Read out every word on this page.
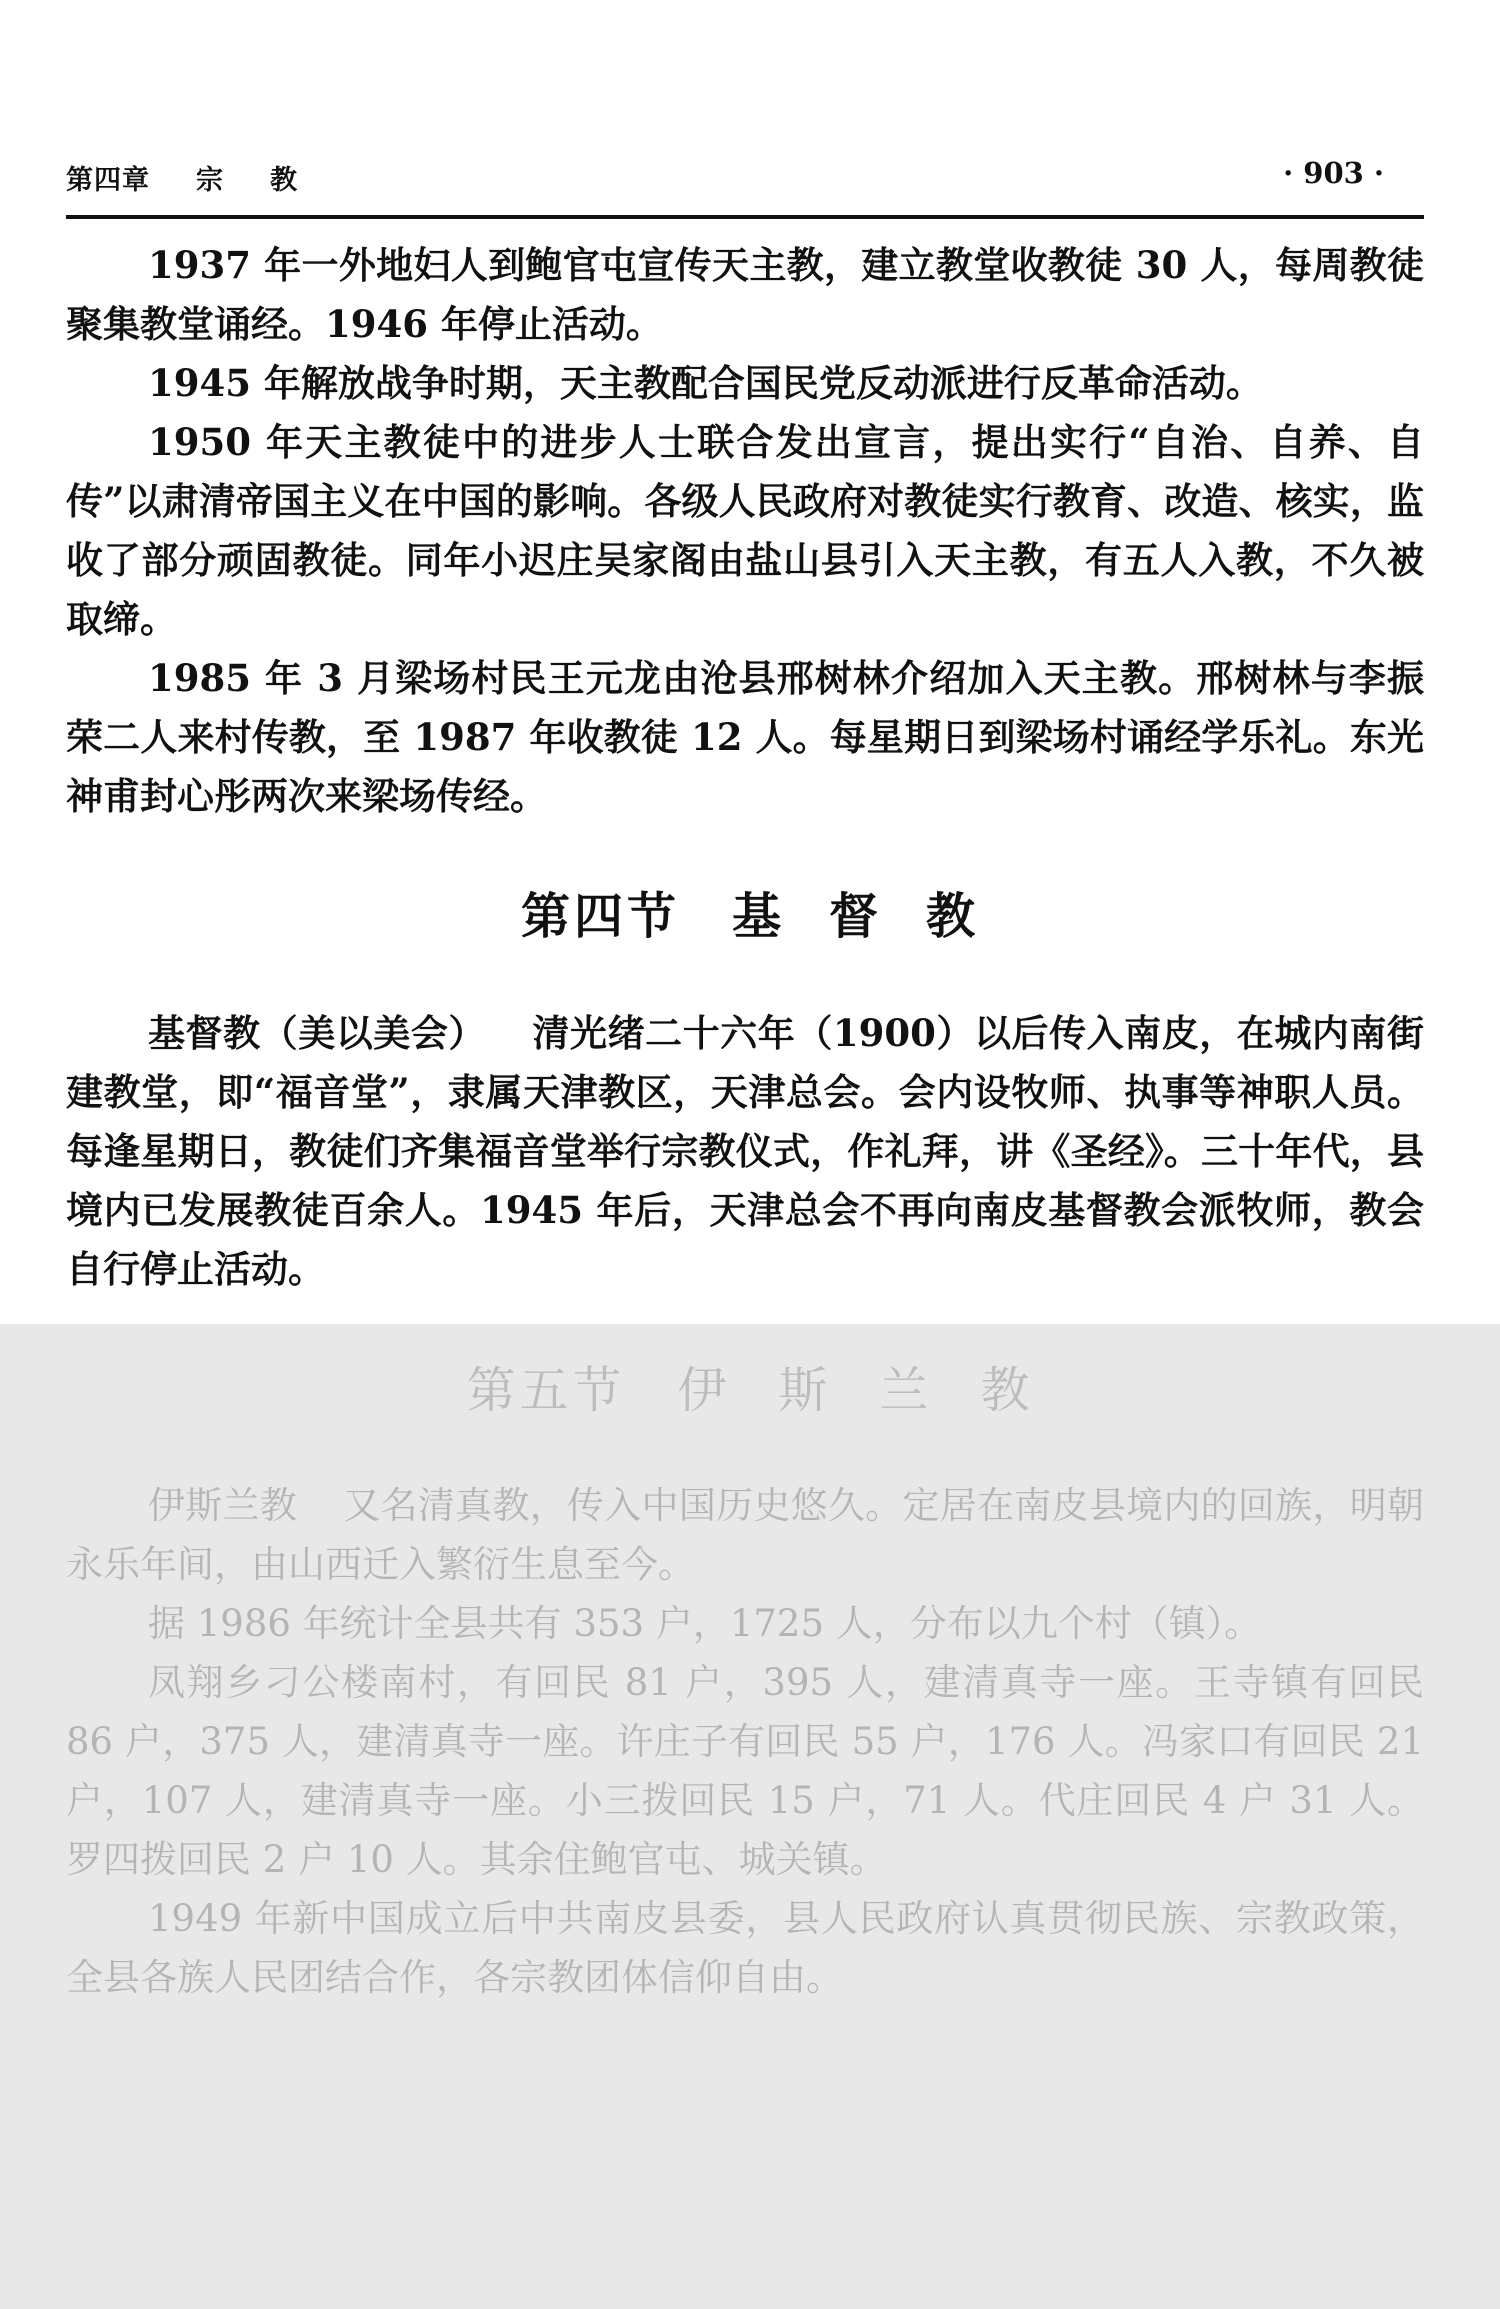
第四章 宗 教	· 903 ·

1937 年一外地妇人到鲍官屯宣传天主教，建立教堂收教徒 30 人，每周教徒聚集教堂诵经。1946 年停止活动。

1945 年解放战争时期，天主教配合国民党反动派进行反革命活动。

1950 年天主教徒中的进步人士联合发出宣言，提出实行“自治、自养、自传”以肃清帝国主义在中国的影响。各级人民政府对教徒实行教育、改造、核实，监收了部分顽固教徒。同年小迟庄吴家阁由盐山县引入天主教，有五人入教，不久被取缔。

1985 年 3 月梁场村民王元龙由沧县邢树林介绍加入天主教。邢树林与李振荣二人来村传教，至 1987 年收教徒 12 人。每星期日到梁场村诵经学乐礼。东光神甫封心彤两次来梁场传经。

第四节 基 督 教

基督教（美以美会） 清光绪二十六年（1900）以后传入南皮，在城内南街建教堂，即“福音堂”，隶属天津教区，天津总会。会内设牧师、执事等神职人员。每逢星期日，教徒们齐集福音堂举行宗教仪式，作礼拜，讲《圣经》。三十年代，县境内已发展教徒百余人。1945 年后，天津总会不再向南皮基督教会派牧师，教会自行停止活动。

第五节 伊 斯 兰 教

伊斯兰教 又名清真教，传入中国历史悠久。定居在南皮县境内的回族，明朝永乐年间，由山西迁入繁衍生息至今。

据 1986 年统计全县共有 353 户，1725 人，分布以九个村（镇）。

凤翔乡刁公楼南村，有回民 81 户，395 人，建清真寺一座。王寺镇有回民 86 户，375 人，建清真寺一座。许庄子有回民 55 户，176 人。冯家口有回民 21 户，107 人，建清真寺一座。小三拨回民 15 户，71 人。代庄回民 4 户 31 人。罗四拨回民 2 户 10 人。其余住鲍官屯、城关镇。

1949 年新中国成立后中共南皮县委，县人民政府认真贯彻民族、宗教政策，全县各族人民团结合作，各宗教团体信仰自由。
